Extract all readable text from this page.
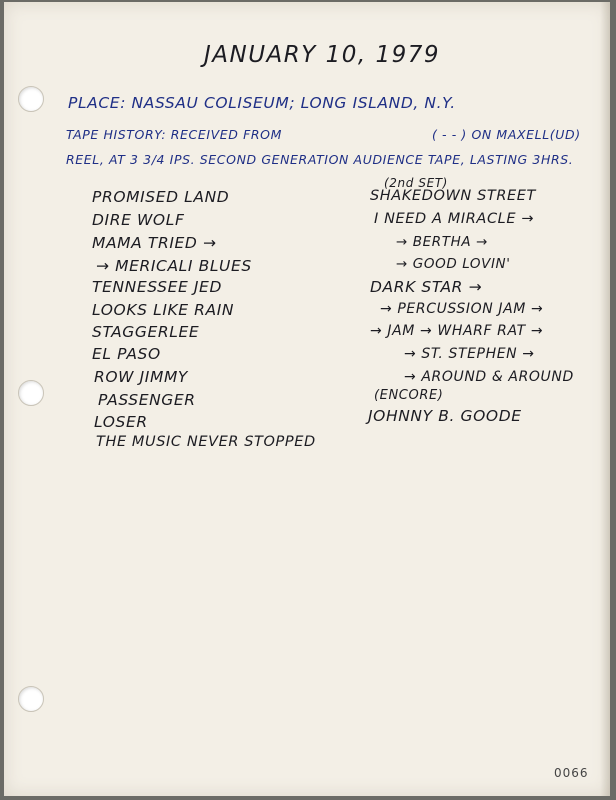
JANUARY 10, 1979

PLACE: NASSAU COLISEUM; LONG ISLAND, N.Y.

TAPE HISTORY: RECEIVED FROM	( - - ) ON MAXELL(UD)

REEL, AT 3 3/4 IPS. SECOND GENERATION AUDIENCE TAPE, LASTING 3HRS.

(2nd SET)

(ENCORE)

PROMISED LAND

DIRE WOLF

MAMA TRIED →

→ MERICALI BLUES

TENNESSEE JED

LOOKS LIKE RAIN

STAGGERLEE

EL PASO

ROW JIMMY

PASSENGER

LOSER

THE MUSIC NEVER STOPPED

SHAKEDOWN STREET

I NEED A MIRACLE →

→ BERTHA →

→ GOOD LOVIN'

DARK STAR →

→ PERCUSSION JAM →

→ JAM → WHARF RAT →

→ ST. STEPHEN →

→ AROUND & AROUND

JOHNNY B. GOODE

0066
